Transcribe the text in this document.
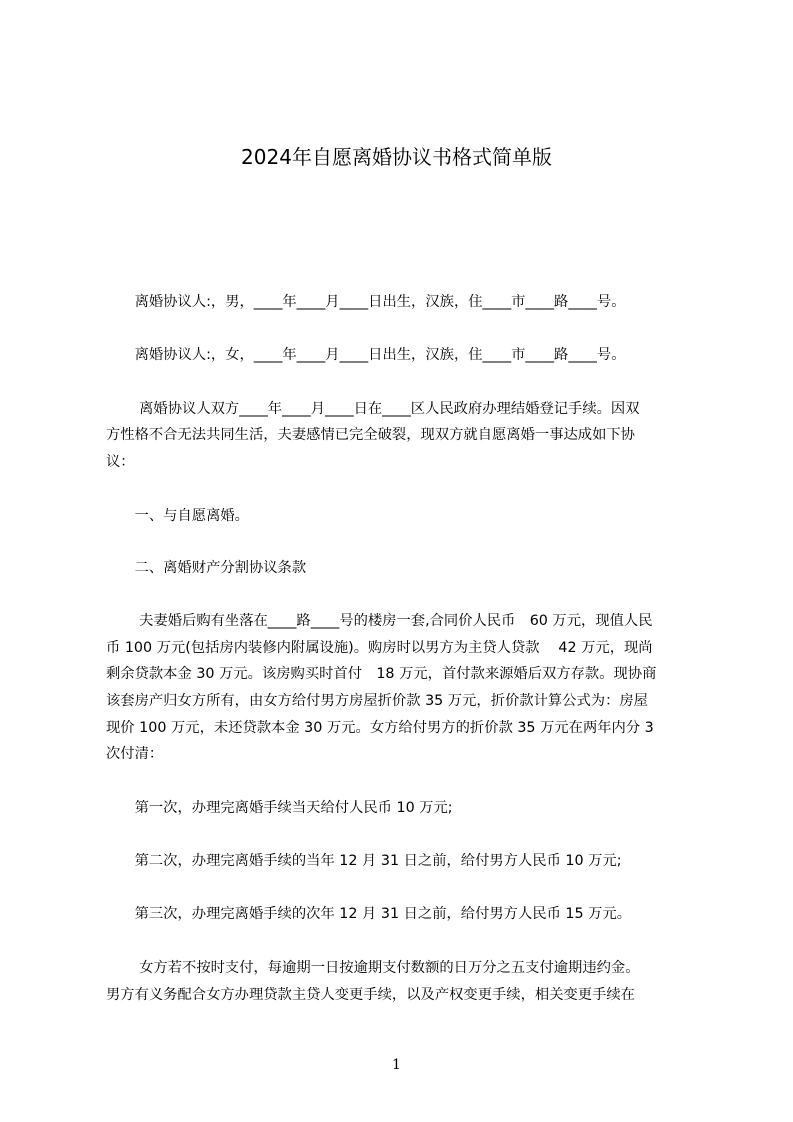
2024年自愿离婚协议书格式简单版
　　离婚协议人:，男，____年____月____日出生，汉族，住____市____路____号。
　　离婚协议人:，女，____年____月____日出生，汉族，住____市____路____号。
　　 离婚协议人双方____年____月____日在____区人民政府办理结婚登记手续。因双
方性格不合无法共同生活，夫妻感情已完全破裂，现双方就自愿离婚一事达成如下协
议：
　　一、与自愿离婚。
　　二、离婚财产分割协议条款
　　 夫妻婚后购有坐落在____路____号的楼房一套,合同价人民币　60 万元，现值人民
币 100 万元(包括房内装修内附属设施)。购房时以男方为主贷人贷款　 42 万元，现尚
剩余贷款本金 30 万元。该房购买时首付　18 万元，首付款来源婚后双方存款。现协商
该套房产归女方所有，由女方给付男方房屋折价款 35 万元，折价款计算公式为：房屋
现价 100 万元，未还贷款本金 30 万元。女方给付男方的折价款 35 万元在两年内分 3
次付清：
　　第一次，办理完离婚手续当天给付人民币 10 万元;
　　第二次，办理完离婚手续的当年 12 月 31 日之前，给付男方人民币 10 万元;
　　第三次，办理完离婚手续的次年 12 月 31 日之前，给付男方人民币 15 万元。
　　 女方若不按时支付，每逾期一日按逾期支付数额的日万分之五支付逾期违约金。
男方有义务配合女方办理贷款主贷人变更手续，以及产权变更手续，相关变更手续在
1
